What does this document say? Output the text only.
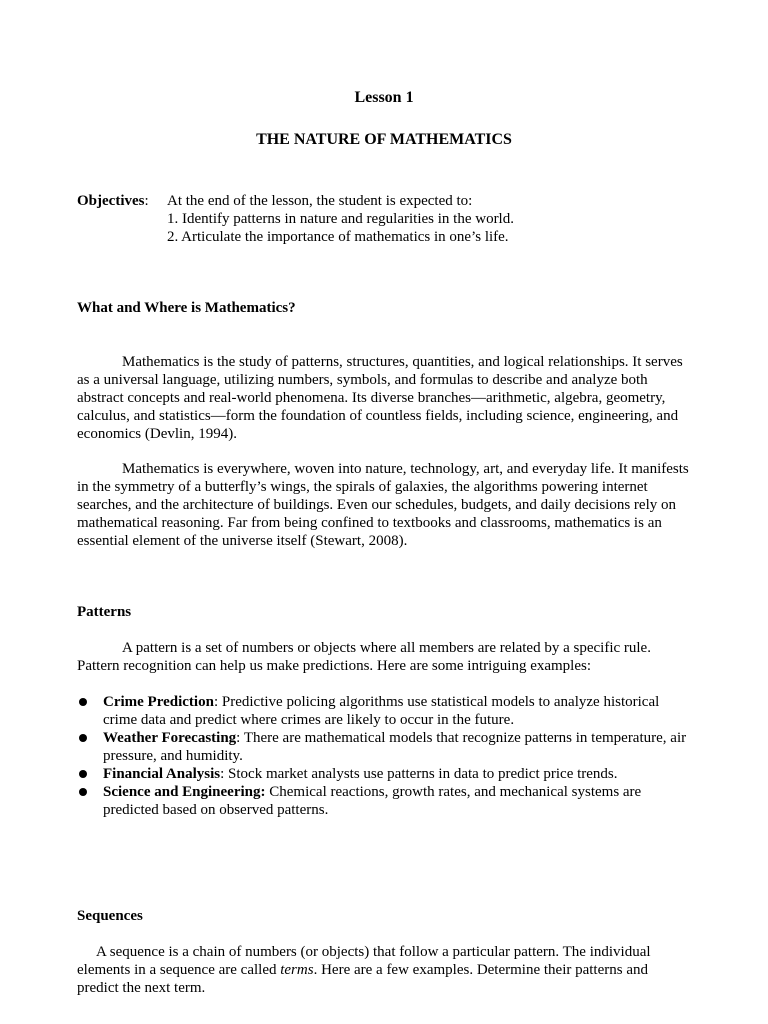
Lesson 1
THE NATURE OF MATHEMATICS
Objectives: At the end of the lesson, the student is expected to:
1. Identify patterns in nature and regularities in the world.
2. Articulate the importance of mathematics in one’s life.
What and Where is Mathematics?

Mathematics is the study of patterns, structures, quantities, and logical relationships. It serves as a universal language, utilizing numbers, symbols, and formulas to describe and analyze both abstract concepts and real-world phenomena. Its diverse branches—arithmetic, algebra, geometry, calculus, and statistics—form the foundation of countless fields, including science, engineering, and economics (Devlin, 1994).

Mathematics is everywhere, woven into nature, technology, art, and everyday life. It manifests in the symmetry of a butterfly’s wings, the spirals of galaxies, the algorithms powering internet searches, and the architecture of buildings. Even our schedules, budgets, and daily decisions rely on mathematical reasoning. Far from being confined to textbooks and classrooms, mathematics is an essential element of the universe itself (Stewart, 2008).

Patterns

A pattern is a set of numbers or objects where all members are related by a specific rule. Pattern recognition can help us make predictions. Here are some intriguing examples:

Crime Prediction: Predictive policing algorithms use statistical models to analyze historical crime data and predict where crimes are likely to occur in the future.
Weather Forecasting: There are mathematical models that recognize patterns in temperature, air pressure, and humidity.
Financial Analysis: Stock market analysts use patterns in data to predict price trends.
Science and Engineering: Chemical reactions, growth rates, and mechanical systems are predicted based on observed patterns.
Sequences

A sequence is a chain of numbers (or objects) that follow a particular pattern. The individual elements in a sequence are called terms. Here are a few examples. Determine their patterns and predict the next term.
